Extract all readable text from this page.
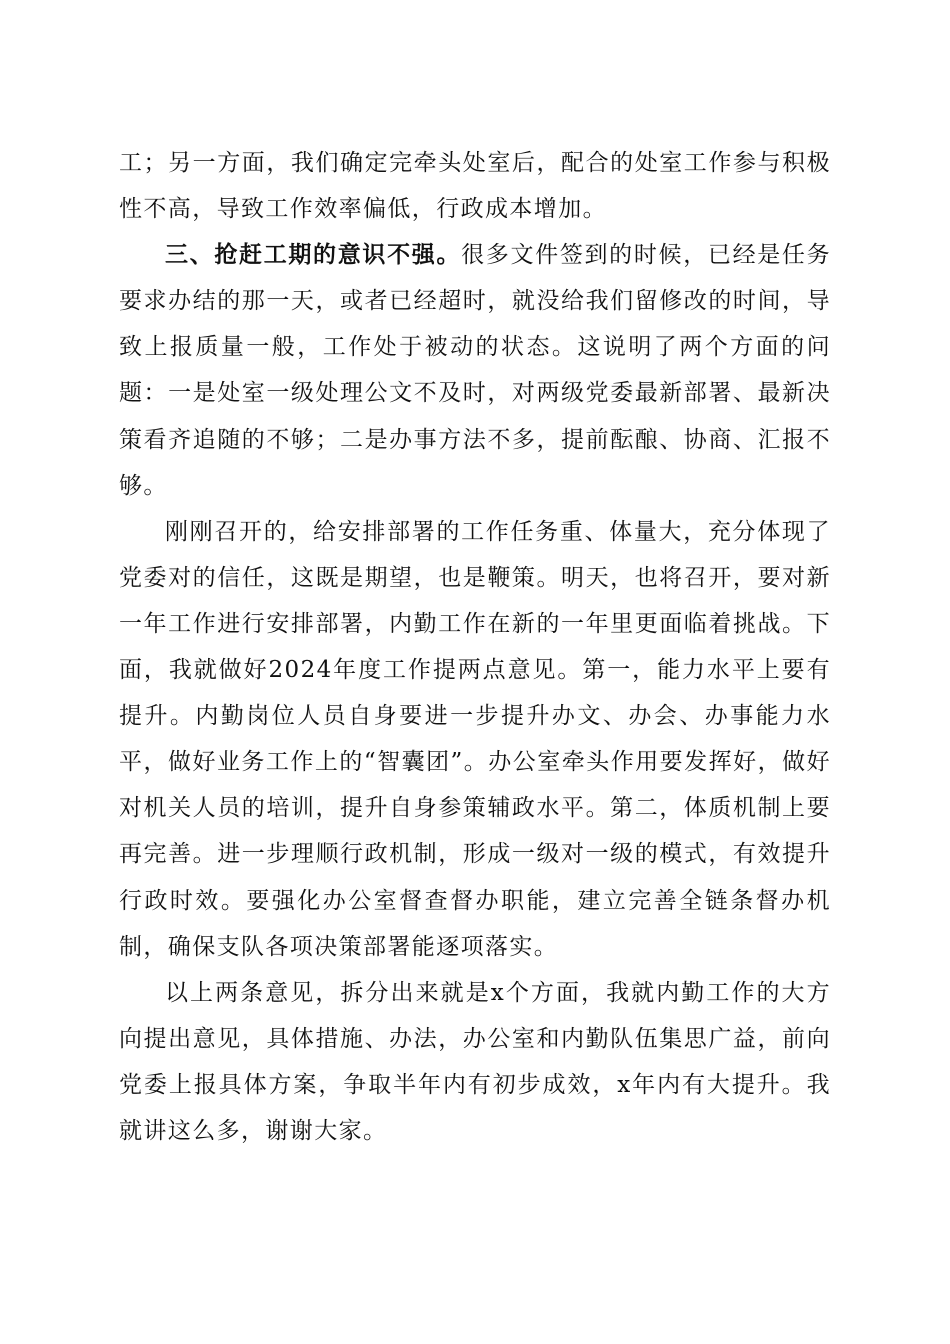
工；另一方面，我们确定完牵头处室后，配合的处室工作参与积极性不高，导致工作效率偏低，行政成本增加。

三、抢赶工期的意识不强。很多文件签到的时候，已经是任务要求办结的那一天，或者已经超时，就没给我们留修改的时间，导致上报质量一般，工作处于被动的状态。这说明了两个方面的问题：一是处室一级处理公文不及时，对两级党委最新部署、最新决策看齐追随的不够；二是办事方法不多，提前酝酿、协商、汇报不够。

刚刚召开的，给安排部署的工作任务重、体量大，充分体现了党委对的信任，这既是期望，也是鞭策。明天，也将召开，要对新一年工作进行安排部署，内勤工作在新的一年里更面临着挑战。下面，我就做好2024年度工作提两点意见。第一，能力水平上要有提升。内勤岗位人员自身要进一步提升办文、办会、办事能力水平，做好业务工作上的“智囊团”。办公室牵头作用要发挥好，做好对机关人员的培训，提升自身参策辅政水平。第二，体质机制上要再完善。进一步理顺行政机制，形成一级对一级的模式，有效提升行政时效。要强化办公室督查督办职能，建立完善全链条督办机制，确保支队各项决策部署能逐项落实。

以上两条意见，拆分出来就是x个方面，我就内勤工作的大方向提出意见，具体措施、办法，办公室和内勤队伍集思广益，前向党委上报具体方案，争取半年内有初步成效，x年内有大提升。我就讲这么多，谢谢大家。
